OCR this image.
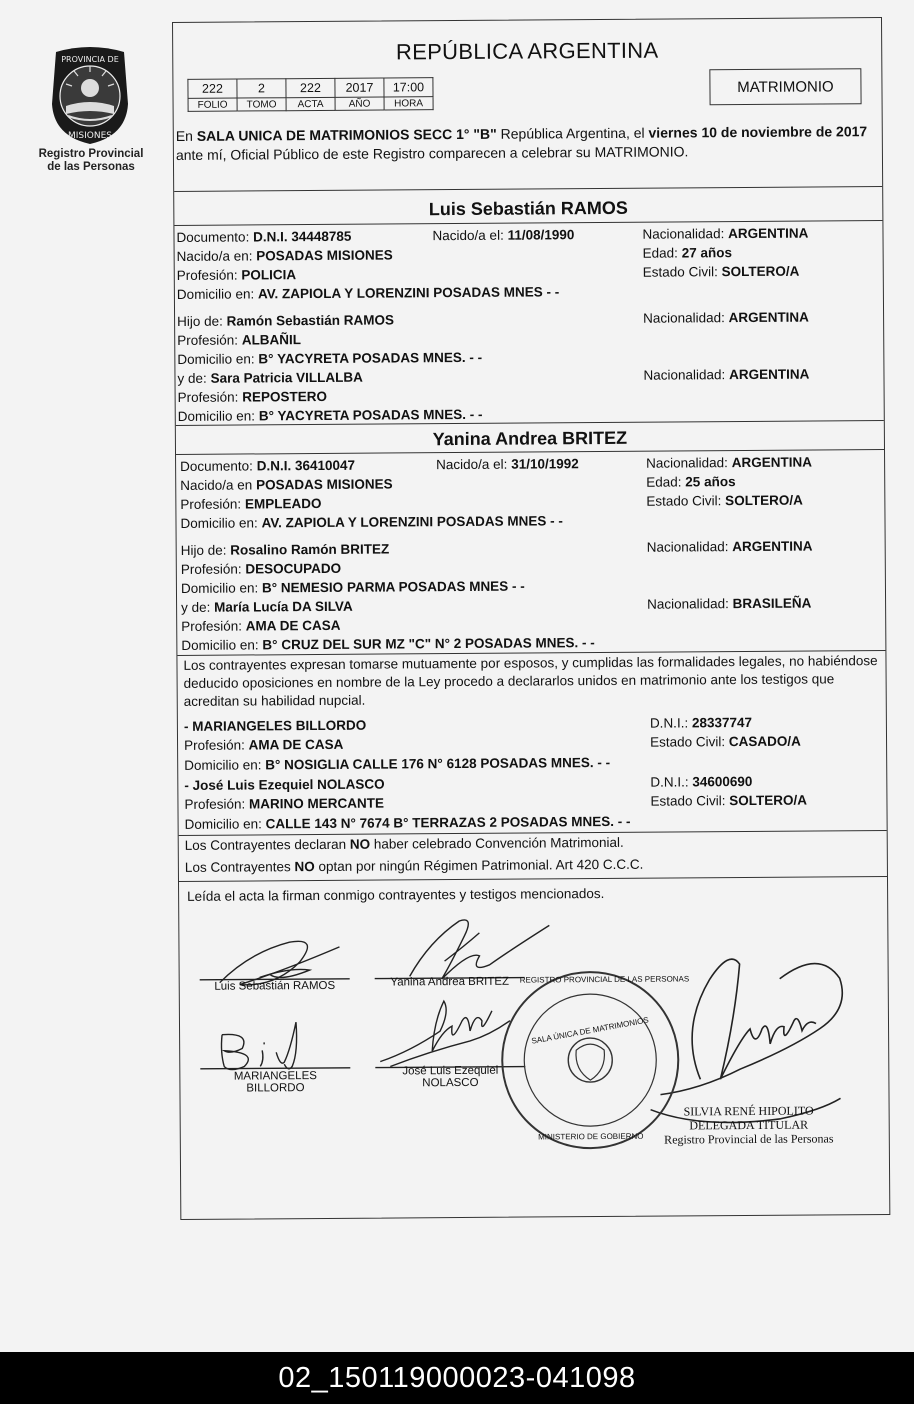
PROVINCIA DE
MISIONES
Registro Provincial
de las Personas
REPÚBLICA ARGENTINA
222	2	222	2017	17:00
FOLIO	TOMO	ACTA	AÑO	HORA
MATRIMONIO
En SALA UNICA DE MATRIMONIOS SECC 1° "B" República Argentina, el viernes 10 de noviembre de 2017 ante mí, Oficial Público de este Registro comparecen a celebrar su MATRIMONIO.
Luis Sebastián RAMOS
Documento: D.N.I. 34448785	Nacido/a el: 11/08/1990	Nacionalidad: ARGENTINA
Nacido/a en: POSADAS MISIONES	Edad: 27 años
Profesión: POLICIA	Estado Civil: SOLTERO/A
Domicilio en: AV. ZAPIOLA Y LORENZINI POSADAS MNES - -
Hijo de: Ramón Sebastián RAMOS	Nacionalidad: ARGENTINA
Profesión: ALBAÑIL
Domicilio en: B° YACYRETA POSADAS MNES. - -
y de: Sara Patricia VILLALBA	Nacionalidad: ARGENTINA
Profesión: REPOSTERO
Domicilio en: B° YACYRETA POSADAS MNES. - -
Yanina Andrea BRITEZ
Documento: D.N.I. 36410047	Nacido/a el: 31/10/1992	Nacionalidad: ARGENTINA
Nacido/a en POSADAS MISIONES	Edad: 25 años
Profesión: EMPLEADO	Estado Civil: SOLTERO/A
Domicilio en: AV. ZAPIOLA Y LORENZINI POSADAS MNES - -
Hijo de: Rosalino Ramón BRITEZ	Nacionalidad: ARGENTINA
Profesión: DESOCUPADO
Domicilio en: B° NEMESIO PARMA POSADAS MNES - -
y de: María Lucía DA SILVA	Nacionalidad: BRASILEÑA
Profesión: AMA DE CASA
Domicilio en: B° CRUZ DEL SUR MZ "C" N° 2 POSADAS MNES. - -
Los contrayentes expresan tomarse mutuamente por esposos, y cumplidas las formalidades legales, no habiéndose deducido oposiciones en nombre de la Ley procedo a declararlos unidos en matrimonio ante los testigos que acreditan su habilidad nupcial.
- MARIANGELES BILLORDO	D.N.I.: 28337747
Profesión: AMA DE CASA	Estado Civil: CASADO/A
Domicilio en: B° NOSIGLIA CALLE 176 N° 6128 POSADAS MNES. - -
- José Luis Ezequiel NOLASCO	D.N.I.: 34600690
Profesión: MARINO MERCANTE	Estado Civil: SOLTERO/A
Domicilio en: CALLE 143 N° 7674 B° TERRAZAS 2 POSADAS MNES. - -
Los Contrayentes declaran NO haber celebrado Convención Matrimonial.
Los Contrayentes NO optan por ningún Régimen Patrimonial. Art 420 C.C.C.
Leída el acta la firman conmigo contrayentes y testigos mencionados.
Luis Sebastián RAMOS	Yanina Andrea BRITEZ
MARIANGELES
BILLORDO
José Luis Ezequiel
NOLASCO
SILVIA RENÉ HIPOLITO
DELEGADA TITULAR
Registro Provincial de las Personas
SALA ÚNICA DE MATRIMONIOS
REGISTRO PROVINCIAL DE LAS PERSONAS
MINISTERIO DE GOBIERNO
02_150119000023-041098
